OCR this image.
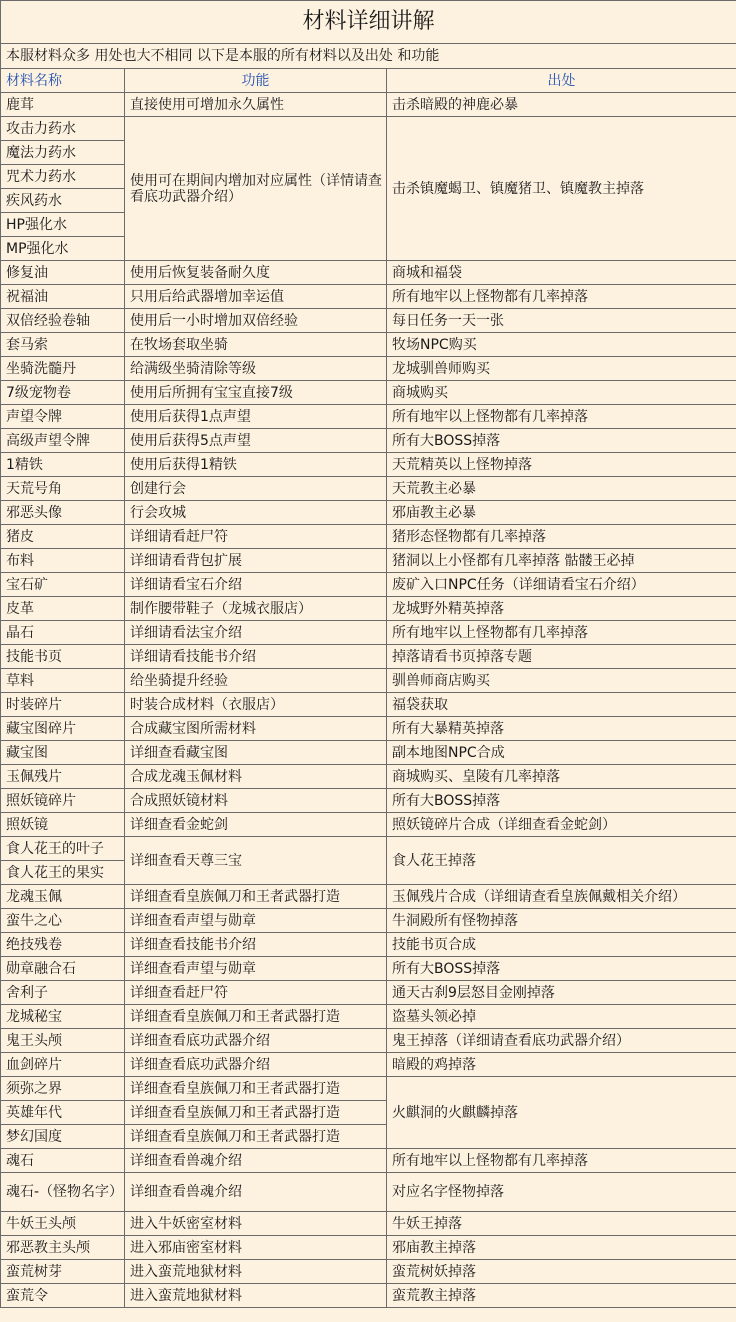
材料详细讲解		
本服材料众多 用处也大不相同 以下是本服的所有材料以及出处 和功能		
材料名称	功能	出处
鹿茸	直接使用可增加永久属性	击杀暗殿的神鹿必暴
攻击力药水	使用可在期间内增加对应属性（详情请查看底功武器介绍）	击杀镇魔蝎卫、镇魔猪卫、镇魔教主掉落
魔法力药水		
咒术力药水		
疾风药水		
HP强化水		
MP强化水		
修复油	使用后恢复装备耐久度	商城和福袋
祝福油	只用后给武器增加幸运值	所有地牢以上怪物都有几率掉落
双倍经验卷轴	使用后一小时增加双倍经验	每日任务一天一张
套马索	在牧场套取坐骑	牧场NPC购买
坐骑洗髓丹	给满级坐骑清除等级	龙城驯兽师购买
7级宠物卷	使用后所拥有宝宝直接7级	商城购买
声望令牌	使用后获得1点声望	所有地牢以上怪物都有几率掉落
高级声望令牌	使用后获得5点声望	所有大BOSS掉落
1精铁	使用后获得1精铁	天荒精英以上怪物掉落
天荒号角	创建行会	天荒教主必暴
邪恶头像	行会攻城	邪庙教主必暴
猪皮	详细请看赶尸符	猪形态怪物都有几率掉落
布料	详细请看背包扩展	猪洞以上小怪都有几率掉落 骷髅王必掉
宝石矿	详细请看宝石介绍	废矿入口NPC任务（详细请看宝石介绍）
皮革	制作腰带鞋子（龙城衣服店）	龙城野外精英掉落
晶石	详细请看法宝介绍	所有地牢以上怪物都有几率掉落
技能书页	详细请看技能书介绍	掉落请看书页掉落专题
草料	给坐骑提升经验	驯兽师商店购买
时装碎片	时装合成材料（衣服店）	福袋获取
藏宝图碎片	合成藏宝图所需材料	所有大暴精英掉落
藏宝图	详细查看藏宝图	副本地图NPC合成
玉佩残片	合成龙魂玉佩材料	商城购买、皇陵有几率掉落
照妖镜碎片	合成照妖镜材料	所有大BOSS掉落
照妖镜	详细查看金蛇剑	照妖镜碎片合成（详细查看金蛇剑）
食人花王的叶子	详细查看天尊三宝	食人花王掉落
食人花王的果实		
龙魂玉佩	详细查看皇族佩刀和王者武器打造	玉佩残片合成（详细请查看皇族佩戴相关介绍）
蛮牛之心	详细查看声望与勋章	牛洞殿所有怪物掉落
绝技残卷	详细查看技能书介绍	技能书页合成
勋章融合石	详细查看声望与勋章	所有大BOSS掉落
舍利子	详细查看赶尸符	通天古刹9层怒目金刚掉落
龙城秘宝	详细查看皇族佩刀和王者武器打造	盗墓头领必掉
鬼王头颅	详细查看底功武器介绍	鬼王掉落（详细请查看底功武器介绍）
血剑碎片	详细查看底功武器介绍	暗殿的鸡掉落
须弥之界	详细查看皇族佩刀和王者武器打造	火麒洞的火麒麟掉落
英雄年代	详细查看皇族佩刀和王者武器打造	
梦幻国度	详细查看皇族佩刀和王者武器打造	
魂石	详细查看兽魂介绍	所有地牢以上怪物都有几率掉落
魂石-（怪物名字）	详细查看兽魂介绍	对应名字怪物掉落
牛妖王头颅	进入牛妖密室材料	牛妖王掉落
邪恶教主头颅	进入邪庙密室材料	邪庙教主掉落
蛮荒树芽	进入蛮荒地狱材料	蛮荒树妖掉落
蛮荒令	进入蛮荒地狱材料	蛮荒教主掉落
